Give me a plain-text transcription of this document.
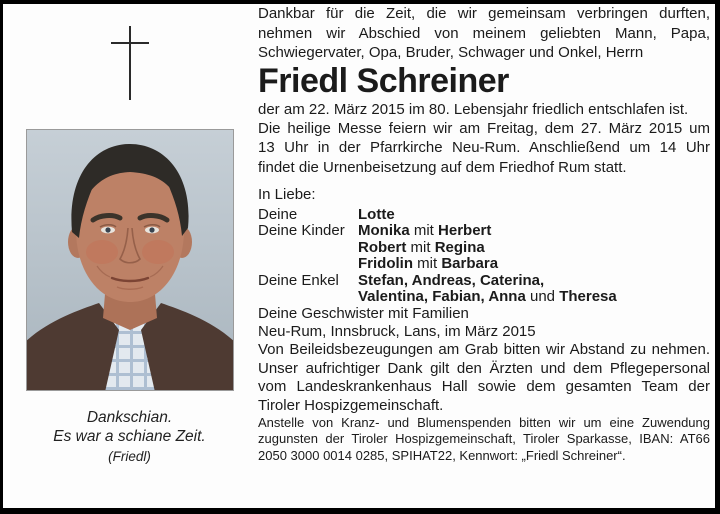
Dankschian.
Es war a schiane Zeit.
(Friedl)

Dankbar für die Zeit, die wir gemeinsam verbringen durften,
nehmen wir Abschied von meinem geliebten Mann, Papa,
Schwiegervater, Opa, Bruder, Schwager und Onkel, Herrn

Friedl Schreiner

der am 22. März 2015 im 80. Lebensjahr friedlich entschlafen ist.

Die heilige Messe feiern wir am Freitag, dem 27. März 2015 um
13 Uhr in der Pfarrkirche Neu-Rum. Anschließend um 14 Uhr
findet die Urnenbeisetzung auf dem Friedhof Rum statt.

In Liebe:
Deine	Lotte
Deine Kinder Monika mit Herbert
Robert mit Regina
Fridolin mit Barbara
Deine Enkel	Stefan, Andreas, Caterina,
Valentina, Fabian, Anna und Theresa
Deine Geschwister mit Familien

Neu-Rum, Innsbruck, Lans, im März 2015

Von Beileidsbezeugungen am Grab bitten wir Abstand zu nehmen.
Unser aufrichtiger Dank gilt den Ärzten und dem Pflegepersonal
vom Landeskrankenhaus Hall sowie dem gesamten Team der
Tiroler Hospizgemeinschaft.

Anstelle von Kranz- und Blumenspenden bitten wir um eine Zuwendung
zugunsten der Tiroler Hospizgemeinschaft, Tiroler Sparkasse, IBAN: AT66
2050 3000 0014 0285, SPIHAT22, Kennwort: „Friedl Schreiner“.
